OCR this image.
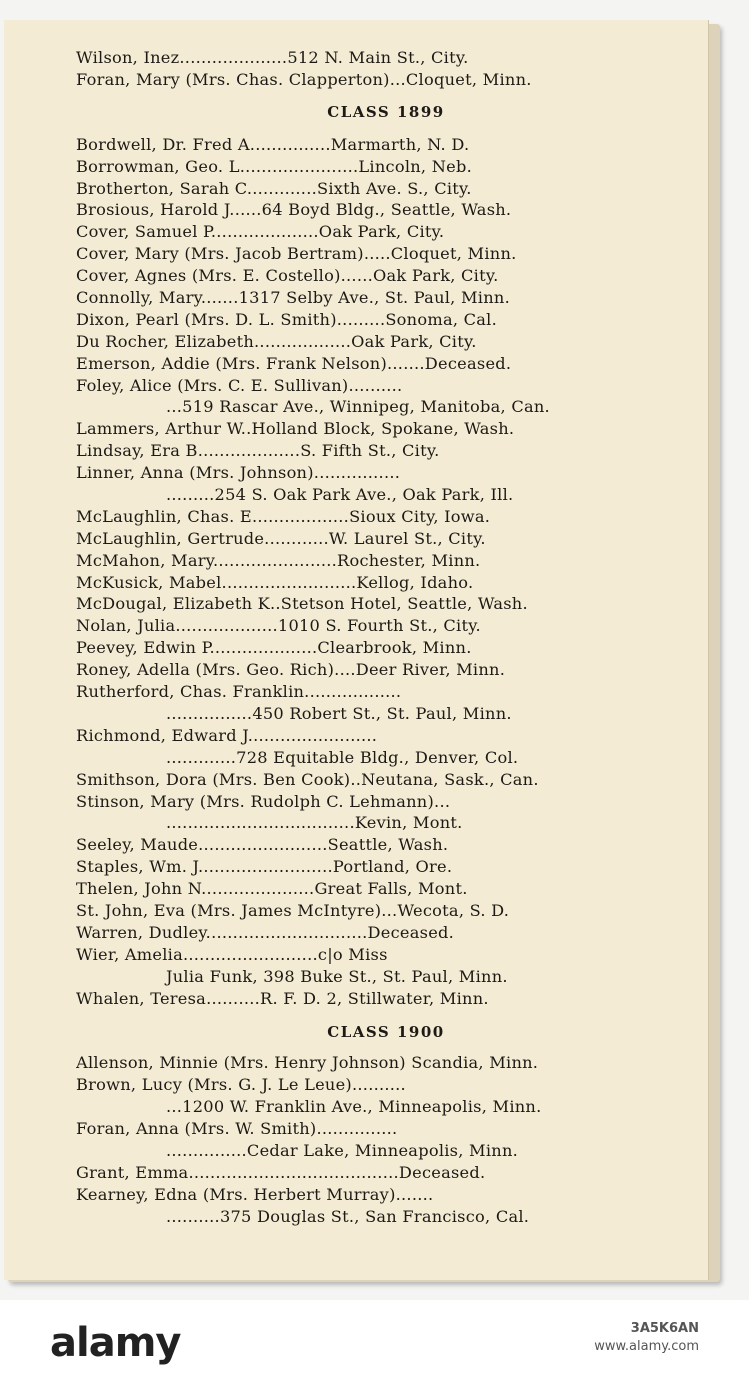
Wilson, Inez....................512 N. Main St., City.
Foran, Mary (Mrs. Chas. Clapperton)...Cloquet, Minn.
CLASS 1899
Bordwell, Dr. Fred A...............Marmarth, N. D.
Borrowman, Geo. L......................Lincoln, Neb.
Brotherton, Sarah C.............Sixth Ave. S., City.
Brosious, Harold J......64 Boyd Bldg., Seattle, Wash.
Cover, Samuel P....................Oak Park, City.
Cover, Mary (Mrs. Jacob Bertram).....Cloquet, Minn.
Cover, Agnes (Mrs. E. Costello)......Oak Park, City.
Connolly, Mary.......1317 Selby Ave., St. Paul, Minn.
Dixon, Pearl (Mrs. D. L. Smith).........Sonoma, Cal.
Du Rocher, Elizabeth..................Oak Park, City.
Emerson, Addie (Mrs. Frank Nelson).......Deceased.
Foley, Alice (Mrs. C. E. Sullivan)..........
...519 Rascar Ave., Winnipeg, Manitoba, Can.
Lammers, Arthur W..Holland Block, Spokane, Wash.
Lindsay, Era B...................S. Fifth St., City.
Linner, Anna (Mrs. Johnson)................
.........254 S. Oak Park Ave., Oak Park, Ill.
McLaughlin, Chas. E..................Sioux City, Iowa.
McLaughlin, Gertrude............W. Laurel St., City.
McMahon, Mary.......................Rochester, Minn.
McKusick, Mabel.........................Kellog, Idaho.
McDougal, Elizabeth K..Stetson Hotel, Seattle, Wash.
Nolan, Julia...................1010 S. Fourth St., City.
Peevey, Edwin P....................Clearbrook, Minn.
Roney, Adella (Mrs. Geo. Rich)....Deer River, Minn.
Rutherford, Chas. Franklin..................
................450 Robert St., St. Paul, Minn.
Richmond, Edward J........................
.............728 Equitable Bldg., Denver, Col.
Smithson, Dora (Mrs. Ben Cook)..Neutana, Sask., Can.
Stinson, Mary (Mrs. Rudolph C. Lehmann)...
...................................Kevin, Mont.
Seeley, Maude........................Seattle, Wash.
Staples, Wm. J.........................Portland, Ore.
Thelen, John N.....................Great Falls, Mont.
St. John, Eva (Mrs. James McIntyre)...Wecota, S. D.
Warren, Dudley..............................Deceased.
Wier, Amelia.........................c|o Miss
Julia Funk, 398 Buke St., St. Paul, Minn.
Whalen, Teresa..........R. F. D. 2, Stillwater, Minn.
CLASS 1900
Allenson, Minnie (Mrs. Henry Johnson) Scandia, Minn.
Brown, Lucy (Mrs. G. J. Le Leue)..........
...1200 W. Franklin Ave., Minneapolis, Minn.
Foran, Anna (Mrs. W. Smith)...............
...............Cedar Lake, Minneapolis, Minn.
Grant, Emma.......................................Deceased.
Kearney, Edna (Mrs. Herbert Murray).......
..........375 Douglas St., San Francisco, Cal.
alamy	3A5K6AN
www.alamy.com
